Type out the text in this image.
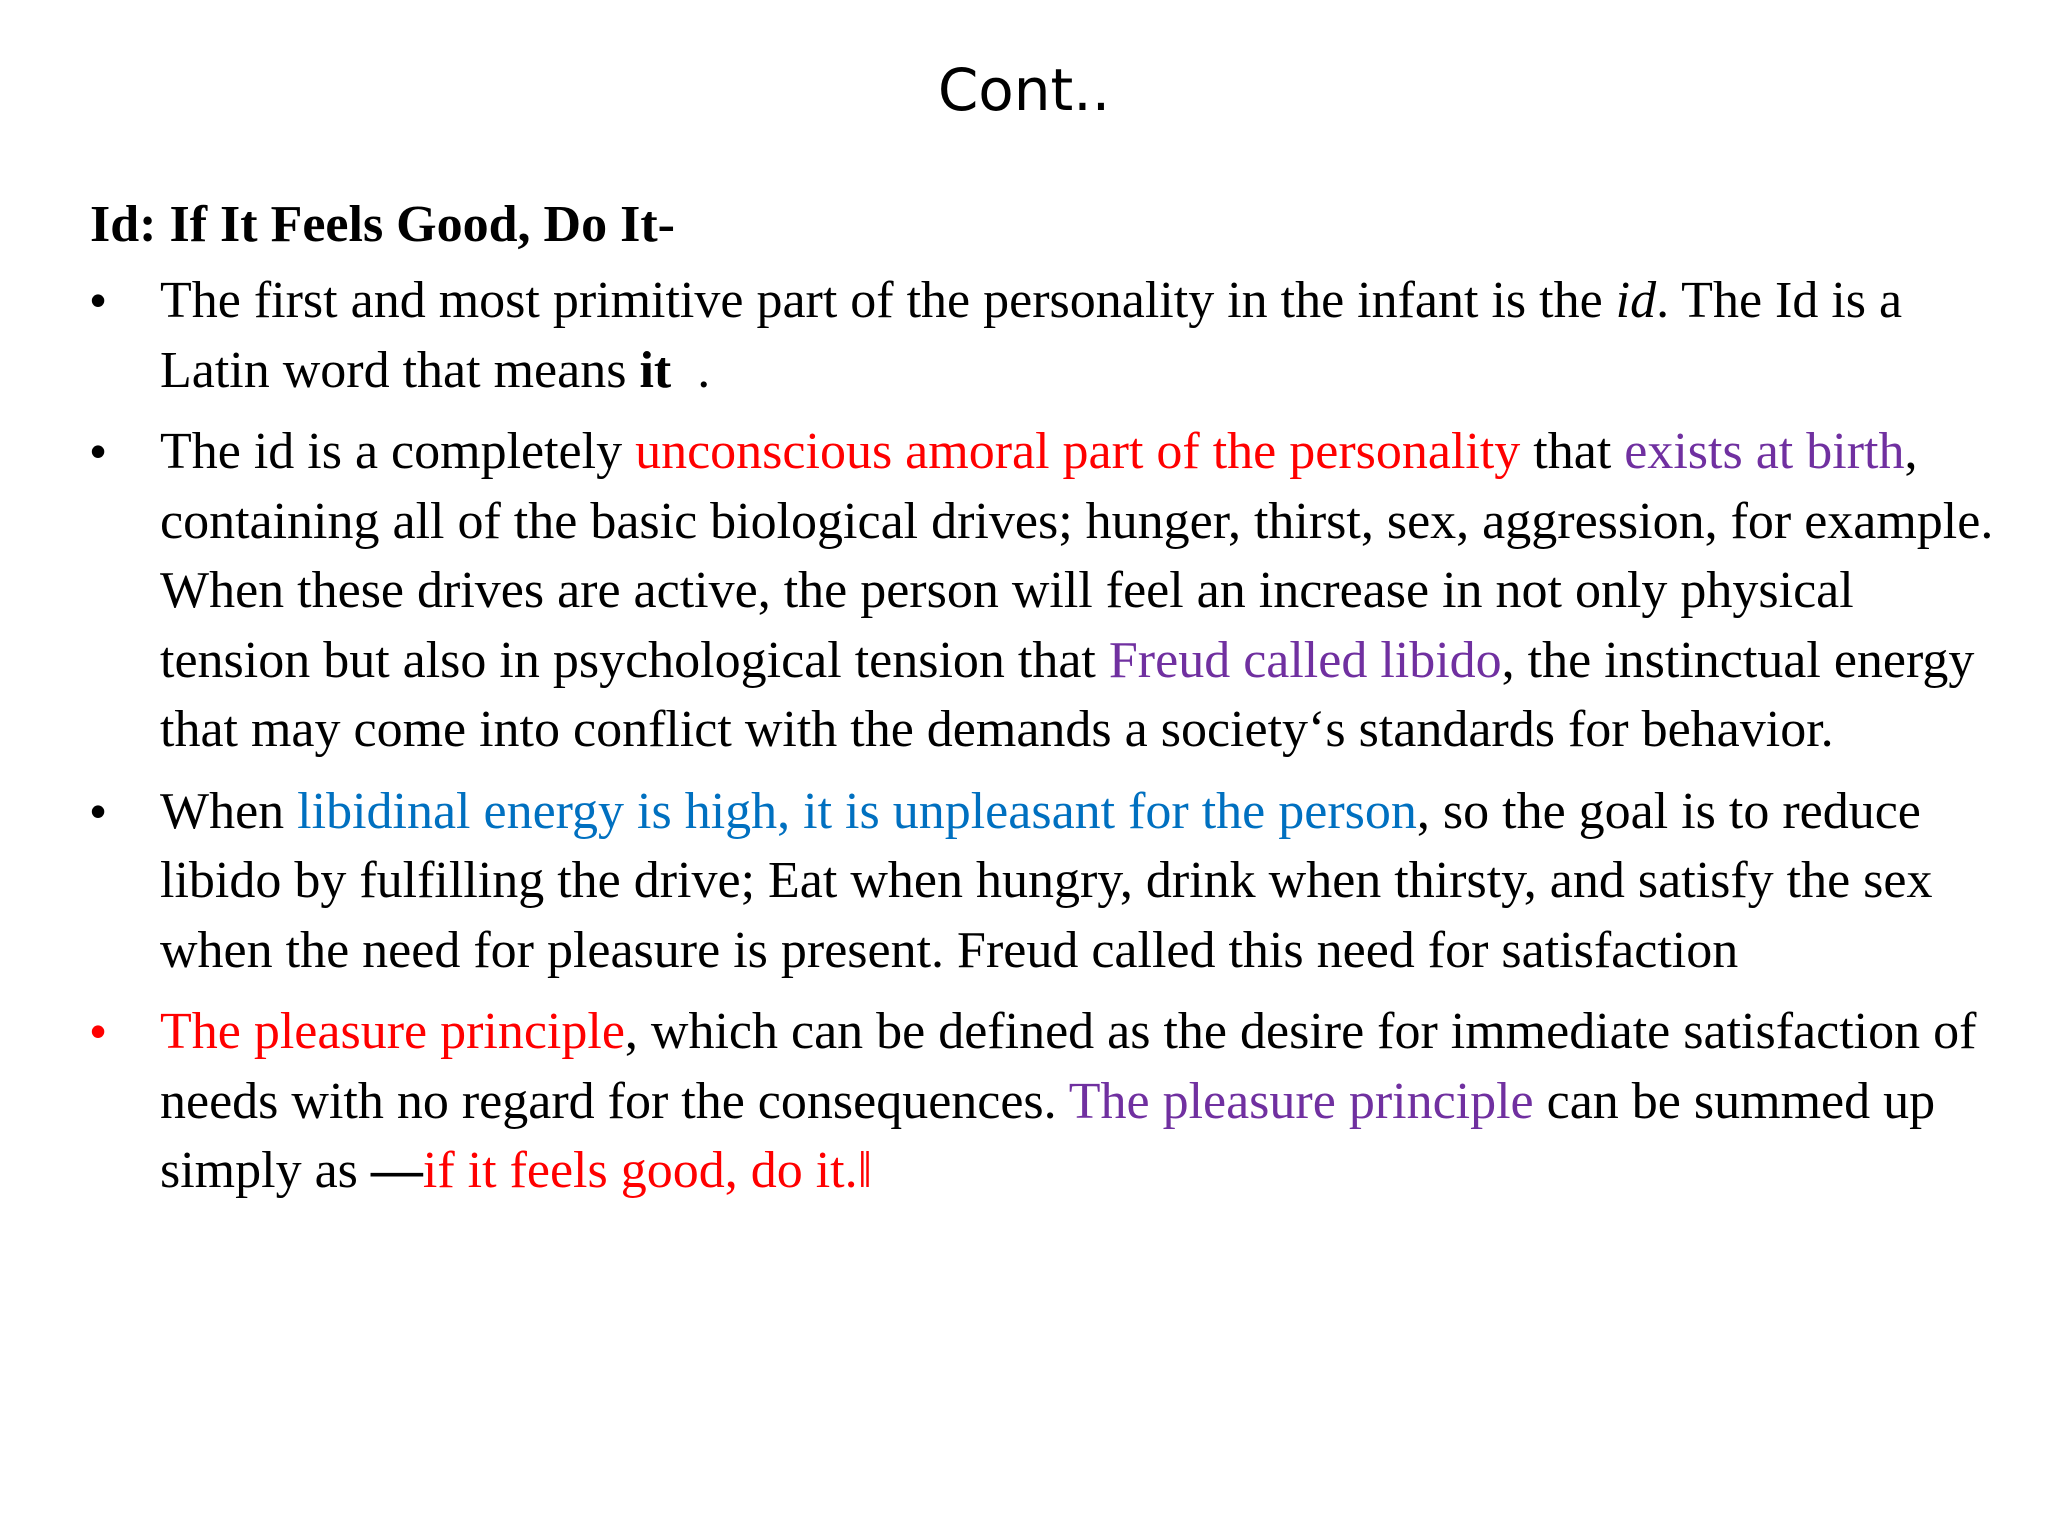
Cont..
Id: If It Feels Good, Do It-
• The first and most primitive part of the personality in the infant is the id. The Id is a Latin word that means it  .
• The id is a completely unconscious amoral part of the personality that exists at birth, containing all of the basic biological drives; hunger, thirst, sex, aggression, for example. When these drives are active, the person will feel an increase in not only physical tension but also in psychological tension that Freud called libido, the instinctual energy that may come into conflict with the demands a society‘s standards for behavior.
• When libidinal energy is high, it is unpleasant for the person, so the goal is to reduce libido by fulfilling the drive; Eat when hungry, drink when thirsty, and satisfy the sex when the need for pleasure is present. Freud called this need for satisfaction
• The pleasure principle, which can be defined as the desire for immediate satisfaction of needs with no regard for the consequences. The pleasure principle can be summed up simply as ―if it feels good, do it.‖
